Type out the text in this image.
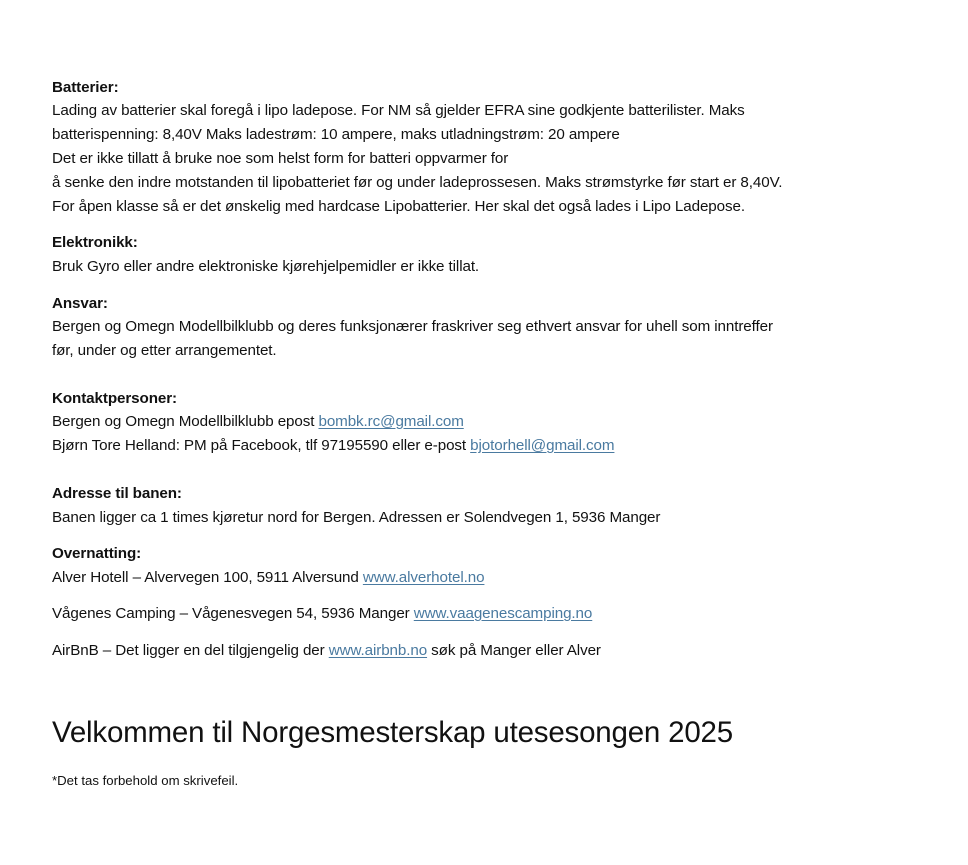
Batterier:
Lading av batterier skal foregå i lipo ladepose. For NM så gjelder EFRA sine godkjente batterilister. Maks
batterispenning: 8,40V Maks ladestrøm: 10 ampere, maks utladningstrøm: 20 ampere
Det er ikke tillatt å bruke noe som helst form for batteri oppvarmer for
å senke den indre motstanden til lipobatteriet før og under ladeprossesen. Maks strømstyrke før start er 8,40V.
For åpen klasse så er det ønskelig med hardcase Lipobatterier. Her skal det også lades i Lipo Ladepose.
Elektronikk:
Bruk Gyro eller andre elektroniske kjørehjelpemidler er ikke tillat.
Ansvar:
Bergen og Omegn Modellbilklubb og deres funksjonærer fraskriver seg ethvert ansvar for uhell som inntreffer
før, under og etter arrangementet.
Kontaktpersoner:
Bergen og Omegn Modellbilklubb epost bombk.rc@gmail.com
Bjørn Tore Helland: PM på Facebook, tlf 97195590 eller e-post bjotorhell@gmail.com
Adresse til banen:
Banen ligger ca 1 times kjøretur nord for Bergen. Adressen er Solendvegen 1, 5936 Manger
Overnatting:
Alver Hotell – Alvervegen 100, 5911 Alversund www.alverhotel.no
Vågenes Camping – Vågenesvegen 54, 5936 Manger www.vaagenescamping.no
AirBnB – Det ligger en del tilgjengelig der www.airbnb.no søk på Manger eller Alver
Velkommen til Norgesmesterskap utesesongen 2025
*Det tas forbehold om skrivefeil.
